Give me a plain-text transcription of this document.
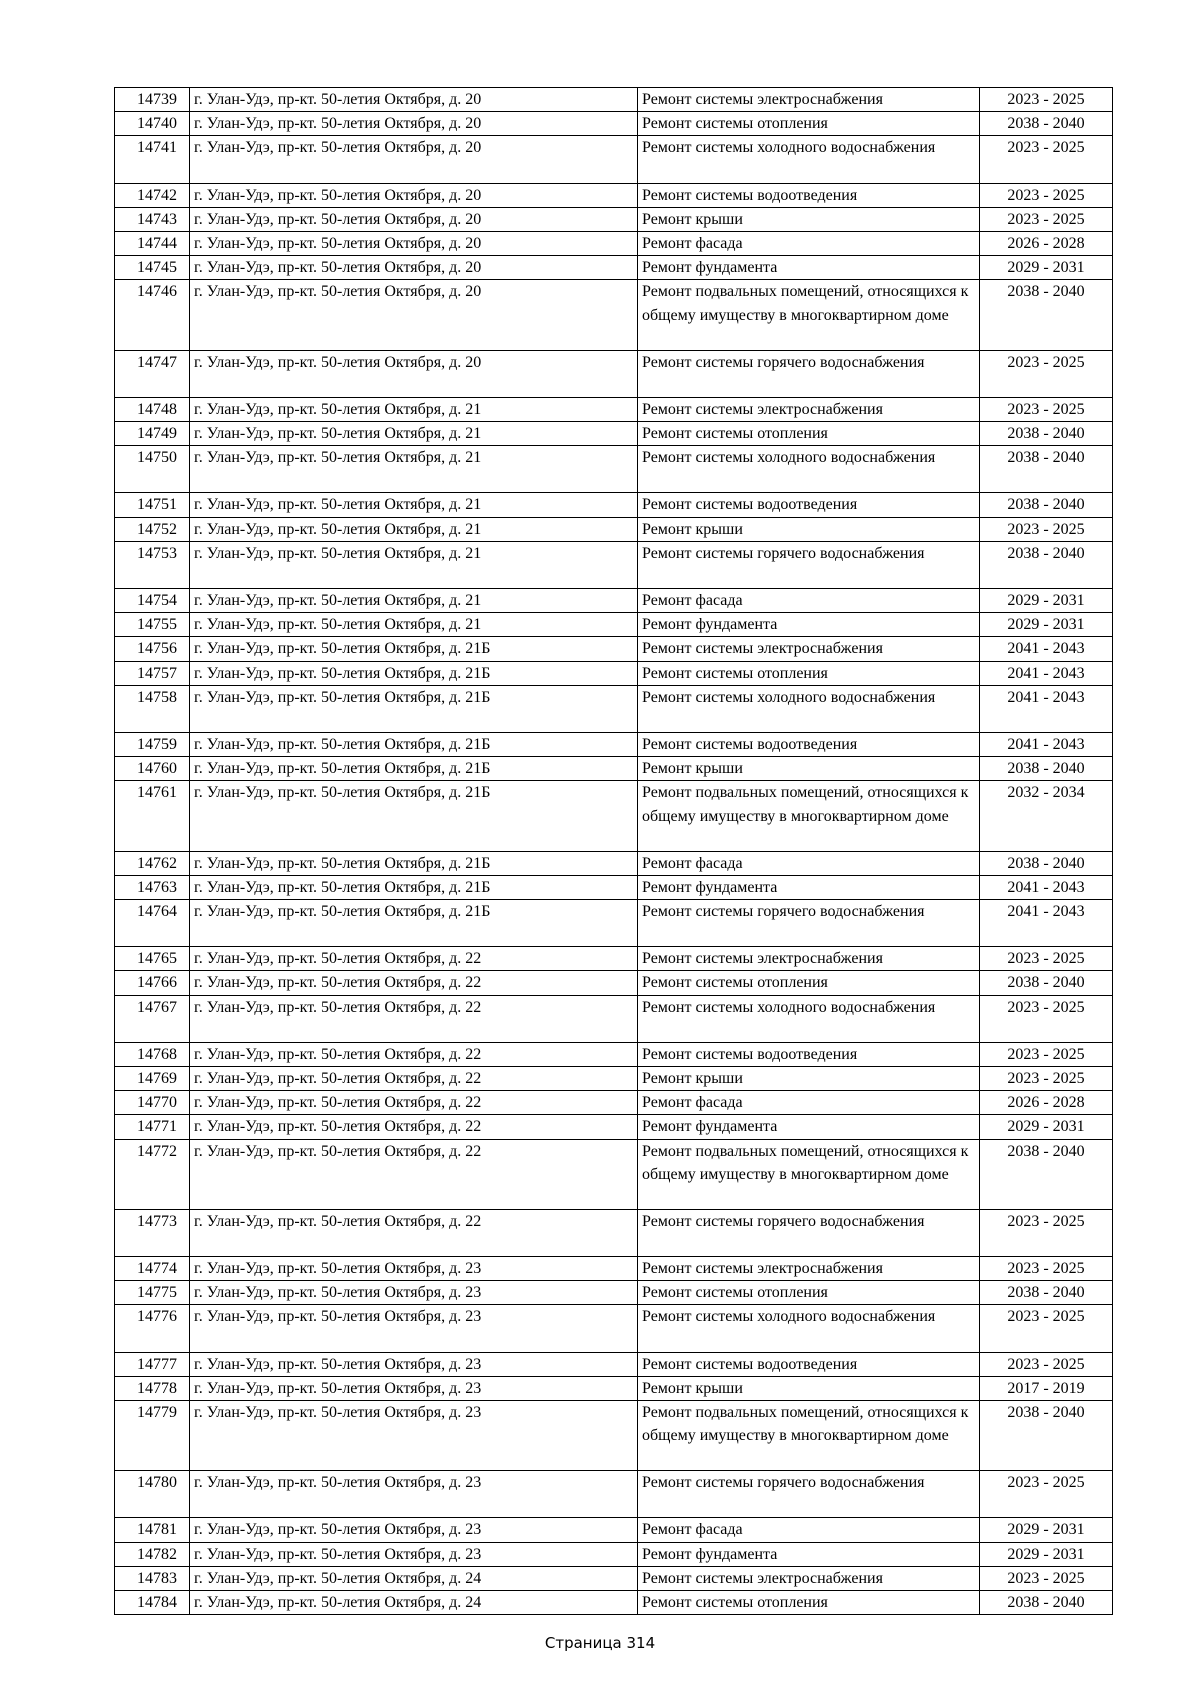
14739	г. Улан-Удэ, пр-кт. 50-летия Октября, д. 20	Ремонт системы электроснабжения	2023 - 2025
14740	г. Улан-Удэ, пр-кт. 50-летия Октября, д. 20	Ремонт системы отопления	2038 - 2040
14741	г. Улан-Удэ, пр-кт. 50-летия Октября, д. 20	Ремонт системы холодного водоснабжения	2023 - 2025
14742	г. Улан-Удэ, пр-кт. 50-летия Октября, д. 20	Ремонт системы водоотведения	2023 - 2025
14743	г. Улан-Удэ, пр-кт. 50-летия Октября, д. 20	Ремонт крыши	2023 - 2025
14744	г. Улан-Удэ, пр-кт. 50-летия Октября, д. 20	Ремонт фасада	2026 - 2028
14745	г. Улан-Удэ, пр-кт. 50-летия Октября, д. 20	Ремонт фундамента	2029 - 2031
14746	г. Улан-Удэ, пр-кт. 50-летия Октября, д. 20	Ремонт подвальных помещений, относящихся к общему имуществу в многоквартирном доме	2038 - 2040
14747	г. Улан-Удэ, пр-кт. 50-летия Октября, д. 20	Ремонт системы горячего водоснабжения	2023 - 2025
14748	г. Улан-Удэ, пр-кт. 50-летия Октября, д. 21	Ремонт системы электроснабжения	2023 - 2025
14749	г. Улан-Удэ, пр-кт. 50-летия Октября, д. 21	Ремонт системы отопления	2038 - 2040
14750	г. Улан-Удэ, пр-кт. 50-летия Октября, д. 21	Ремонт системы холодного водоснабжения	2038 - 2040
14751	г. Улан-Удэ, пр-кт. 50-летия Октября, д. 21	Ремонт системы водоотведения	2038 - 2040
14752	г. Улан-Удэ, пр-кт. 50-летия Октября, д. 21	Ремонт крыши	2023 - 2025
14753	г. Улан-Удэ, пр-кт. 50-летия Октября, д. 21	Ремонт системы горячего водоснабжения	2038 - 2040
14754	г. Улан-Удэ, пр-кт. 50-летия Октября, д. 21	Ремонт фасада	2029 - 2031
14755	г. Улан-Удэ, пр-кт. 50-летия Октября, д. 21	Ремонт фундамента	2029 - 2031
14756	г. Улан-Удэ, пр-кт. 50-летия Октября, д. 21Б	Ремонт системы электроснабжения	2041 - 2043
14757	г. Улан-Удэ, пр-кт. 50-летия Октября, д. 21Б	Ремонт системы отопления	2041 - 2043
14758	г. Улан-Удэ, пр-кт. 50-летия Октября, д. 21Б	Ремонт системы холодного водоснабжения	2041 - 2043
14759	г. Улан-Удэ, пр-кт. 50-летия Октября, д. 21Б	Ремонт системы водоотведения	2041 - 2043
14760	г. Улан-Удэ, пр-кт. 50-летия Октября, д. 21Б	Ремонт крыши	2038 - 2040
14761	г. Улан-Удэ, пр-кт. 50-летия Октября, д. 21Б	Ремонт подвальных помещений, относящихся к общему имуществу в многоквартирном доме	2032 - 2034
14762	г. Улан-Удэ, пр-кт. 50-летия Октября, д. 21Б	Ремонт фасада	2038 - 2040
14763	г. Улан-Удэ, пр-кт. 50-летия Октября, д. 21Б	Ремонт фундамента	2041 - 2043
14764	г. Улан-Удэ, пр-кт. 50-летия Октября, д. 21Б	Ремонт системы горячего водоснабжения	2041 - 2043
14765	г. Улан-Удэ, пр-кт. 50-летия Октября, д. 22	Ремонт системы электроснабжения	2023 - 2025
14766	г. Улан-Удэ, пр-кт. 50-летия Октября, д. 22	Ремонт системы отопления	2038 - 2040
14767	г. Улан-Удэ, пр-кт. 50-летия Октября, д. 22	Ремонт системы холодного водоснабжения	2023 - 2025
14768	г. Улан-Удэ, пр-кт. 50-летия Октября, д. 22	Ремонт системы водоотведения	2023 - 2025
14769	г. Улан-Удэ, пр-кт. 50-летия Октября, д. 22	Ремонт крыши	2023 - 2025
14770	г. Улан-Удэ, пр-кт. 50-летия Октября, д. 22	Ремонт фасада	2026 - 2028
14771	г. Улан-Удэ, пр-кт. 50-летия Октября, д. 22	Ремонт фундамента	2029 - 2031
14772	г. Улан-Удэ, пр-кт. 50-летия Октября, д. 22	Ремонт подвальных помещений, относящихся к общему имуществу в многоквартирном доме	2038 - 2040
14773	г. Улан-Удэ, пр-кт. 50-летия Октября, д. 22	Ремонт системы горячего водоснабжения	2023 - 2025
14774	г. Улан-Удэ, пр-кт. 50-летия Октября, д. 23	Ремонт системы электроснабжения	2023 - 2025
14775	г. Улан-Удэ, пр-кт. 50-летия Октября, д. 23	Ремонт системы отопления	2038 - 2040
14776	г. Улан-Удэ, пр-кт. 50-летия Октября, д. 23	Ремонт системы холодного водоснабжения	2023 - 2025
14777	г. Улан-Удэ, пр-кт. 50-летия Октября, д. 23	Ремонт системы водоотведения	2023 - 2025
14778	г. Улан-Удэ, пр-кт. 50-летия Октября, д. 23	Ремонт крыши	2017 - 2019
14779	г. Улан-Удэ, пр-кт. 50-летия Октября, д. 23	Ремонт подвальных помещений, относящихся к общему имуществу в многоквартирном доме	2038 - 2040
14780	г. Улан-Удэ, пр-кт. 50-летия Октября, д. 23	Ремонт системы горячего водоснабжения	2023 - 2025
14781	г. Улан-Удэ, пр-кт. 50-летия Октября, д. 23	Ремонт фасада	2029 - 2031
14782	г. Улан-Удэ, пр-кт. 50-летия Октября, д. 23	Ремонт фундамента	2029 - 2031
14783	г. Улан-Удэ, пр-кт. 50-летия Октября, д. 24	Ремонт системы электроснабжения	2023 - 2025
14784	г. Улан-Удэ, пр-кт. 50-летия Октября, д. 24	Ремонт системы отопления	2038 - 2040
Страница 314
